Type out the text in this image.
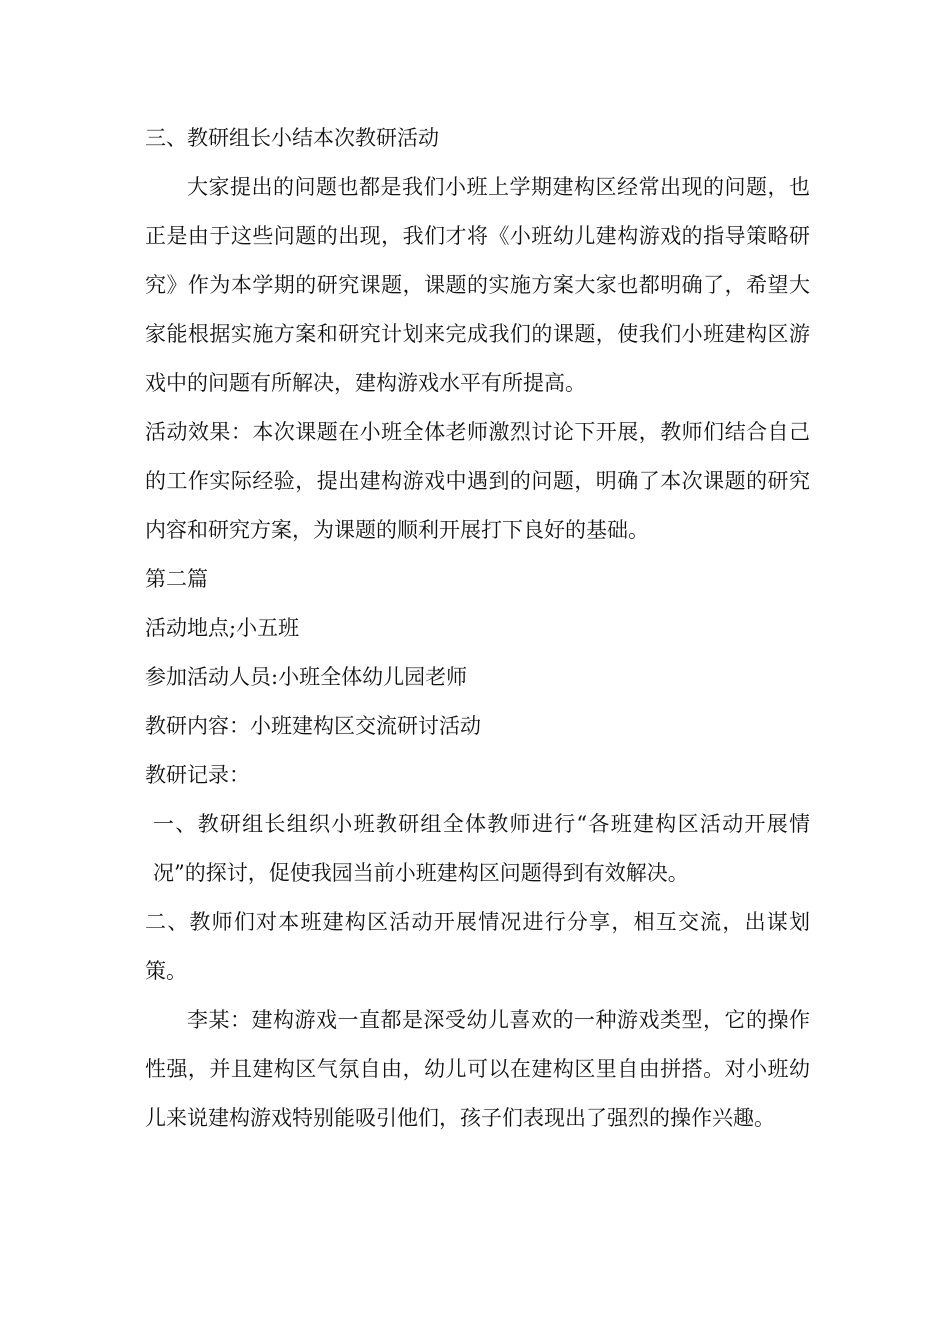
三、教研组长小结本次教研活动

大家提出的问题也都是我们小班上学期建构区经常出现的问题，也正是由于这些问题的出现，我们才将《小班幼儿建构游戏的指导策略研究》作为本学期的研究课题，课题的实施方案大家也都明确了，希望大家能根据实施方案和研究计划来完成我们的课题，使我们小班建构区游戏中的问题有所解决，建构游戏水平有所提高。

活动效果：本次课题在小班全体老师激烈讨论下开展，教师们结合自己的工作实际经验，提出建构游戏中遇到的问题，明确了本次课题的研究内容和研究方案，为课题的顺利开展打下良好的基础。

第二篇

活动地点;小五班

参加活动人员:小班全体幼儿园老师

教研内容：小班建构区交流研讨活动

教研记录：

一、教研组长组织小班教研组全体教师进行“各班建构区活动开展情况”的探讨，促使我园当前小班建构区问题得到有效解决。

二、教师们对本班建构区活动开展情况进行分享，相互交流，出谋划策。

李某：建构游戏一直都是深受幼儿喜欢的一种游戏类型，它的操作性强，并且建构区气氛自由，幼儿可以在建构区里自由拼搭。对小班幼儿来说建构游戏特别能吸引他们，孩子们表现出了强烈的操作兴趣。
